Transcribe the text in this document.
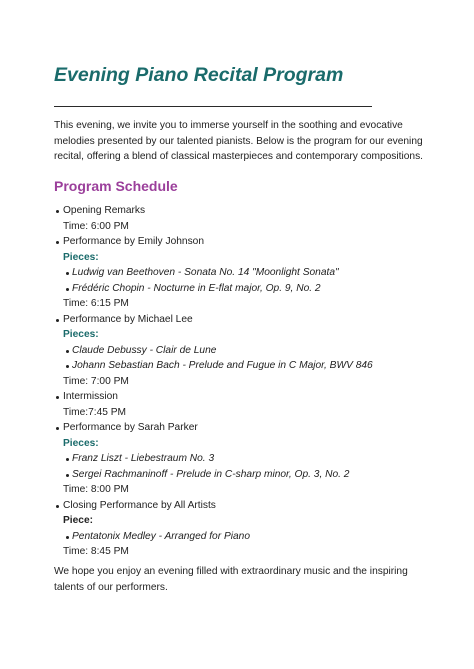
Evening Piano Recital Program

This evening, we invite you to immerse yourself in the soothing and evocative melodies presented by our talented pianists. Below is the program for our evening recital, offering a blend of classical masterpieces and contemporary compositions.

Program Schedule
Opening Remarks
Time: 6:00 PM
Performance by Emily Johnson
Pieces:
Ludwig van Beethoven - Sonata No. 14 "Moonlight Sonata"
Frédéric Chopin - Nocturne in E-flat major, Op. 9, No. 2
Time: 6:15 PM
Performance by Michael Lee
Pieces:
Claude Debussy - Clair de Lune
Johann Sebastian Bach - Prelude and Fugue in C Major, BWV 846
Time: 7:00 PM
Intermission
Time:7:45 PM
Performance by Sarah Parker
Pieces:
Franz Liszt - Liebestraum No. 3
Sergei Rachmaninoff - Prelude in C-sharp minor, Op. 3, No. 2
Time: 8:00 PM
Closing Performance by All Artists
Piece:
Pentatonix Medley - Arranged for Piano
Time: 8:45 PM

We hope you enjoy an evening filled with extraordinary music and the inspiring talents of our performers.
